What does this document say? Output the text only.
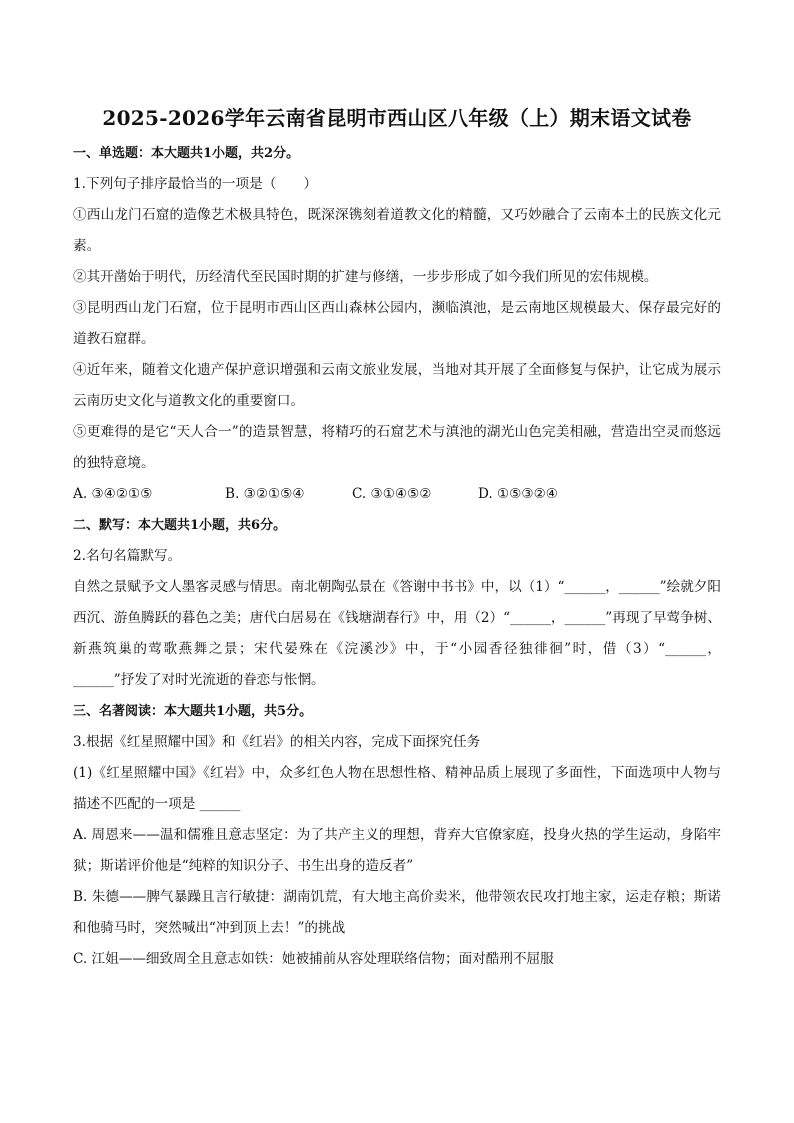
2025-2026学年云南省昆明市西山区八年级（上）期末语文试卷
一、单选题：本大题共1小题，共2分。
1.下列句子排序最恰当的一项是（　　）
①西山龙门石窟的造像艺术极具特色，既深深镌刻着道教文化的精髓，又巧妙融合了云南本土的民族文化元素。
②其开凿始于明代，历经清代至民国时期的扩建与修缮，一步步形成了如今我们所见的宏伟规模。
③昆明西山龙门石窟，位于昆明市西山区西山森林公园内，濒临滇池，是云南地区规模最大、保存最完好的道教石窟群。
④近年来，随着文化遗产保护意识增强和云南文旅业发展，当地对其开展了全面修复与保护，让它成为展示云南历史文化与道教文化的重要窗口。
⑤更难得的是它“天人合一”的造景智慧，将精巧的石窟艺术与滇池的湖光山色完美相融，营造出空灵而悠远的独特意境。
A. ③④②①⑤	B. ③②①⑤④	C. ③①④⑤②	D. ①⑤③②④
二、默写：本大题共1小题，共6分。
2.名句名篇默写。
自然之景赋予文人墨客灵感与情思。南北朝陶弘景在《答谢中书书》中，以（1）“______，______”绘就夕阳西沉、游鱼腾跃的暮色之美；唐代白居易在《钱塘湖春行》中，用（2）“______，______”再现了早莺争树、新燕筑巢的莺歌燕舞之景；宋代晏殊在《浣溪沙》中，于“小园香径独徘徊”时，借（3）“______，______”抒发了对时光流逝的眷恋与怅惘。
三、名著阅读：本大题共1小题，共5分。
3.根据《红星照耀中国》和《红岩》的相关内容，完成下面探究任务
(1)《红星照耀中国》《红岩》中，众多红色人物在思想性格、精神品质上展现了多面性，下面选项中人物与描述不匹配的一项是 ______
A. 周恩来——温和儒雅且意志坚定：为了共产主义的理想，背弃大官僚家庭，投身火热的学生运动，身陷牢狱；斯诺评价他是“纯粹的知识分子、书生出身的造反者”
B. 朱德——脾气暴躁且言行敏捷：湖南饥荒，有大地主高价卖米，他带领农民攻打地主家，运走存粮；斯诺和他骑马时，突然喊出“冲到顶上去！”的挑战
C. 江姐——细致周全且意志如铁：她被捕前从容处理联络信物；面对酷刑不屈服
